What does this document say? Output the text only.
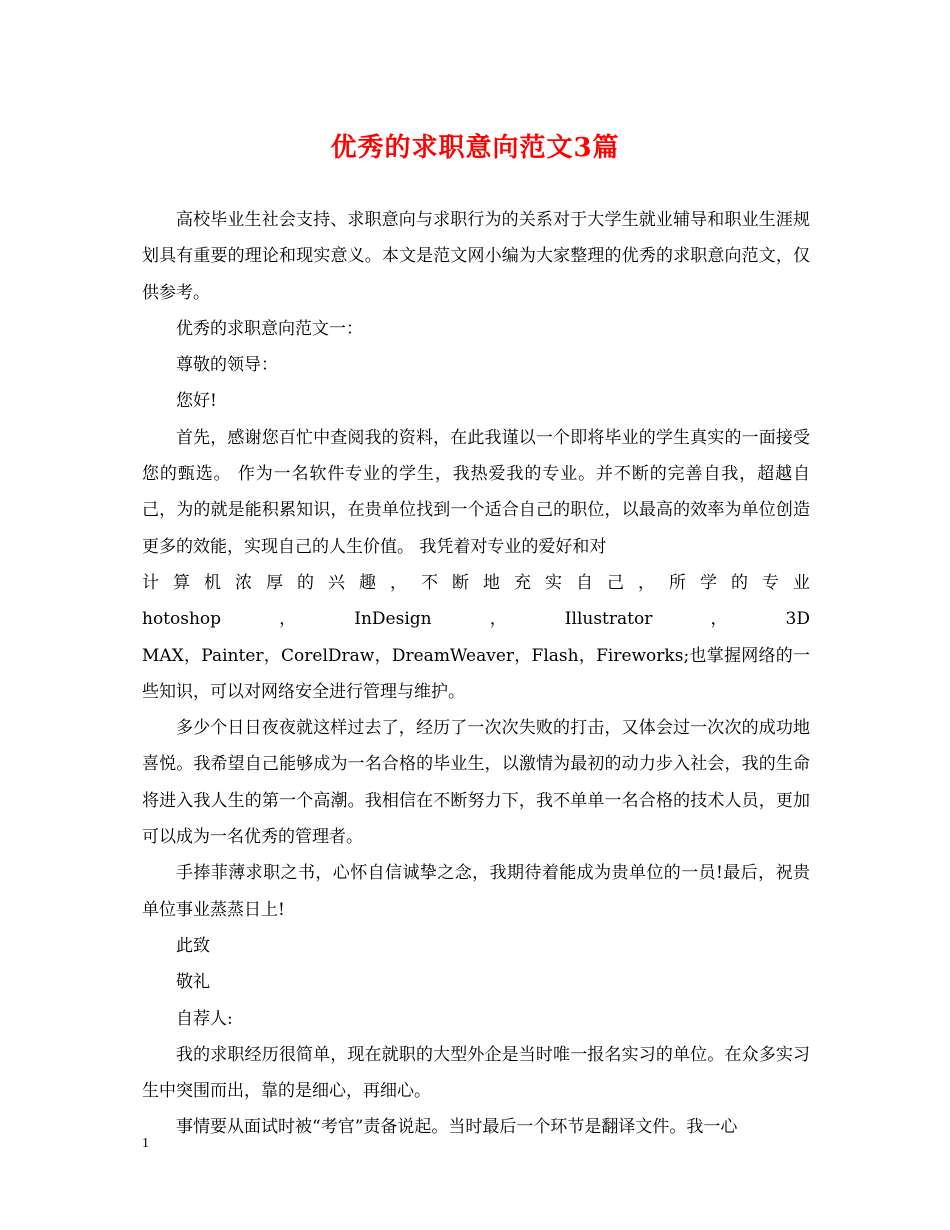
优秀的求职意向范文3篇

高校毕业生社会支持、求职意向与求职行为的关系对于大学生就业辅导和职业生涯规划具有重要的理论和现实意义。本文是范文网小编为大家整理的优秀的求职意向范文，仅供参考。

优秀的求职意向范文一：

尊敬的领导：

您好!

首先，感谢您百忙中查阅我的资料，在此我谨以一个即将毕业的学生真实的一面接受您的甄选。 作为一名软件专业的学生，我热爱我的专业。并不断的完善自我，超越自己，为的就是能积累知识，在贵单位找到一个适合自己的职位，以最高的效率为单位创造更多的效能，实现自己的人生价值。 我凭着对专业的爱好和对

计算机浓厚的兴趣，不断地充实自己，所学的专业

hotoshop，InDesign，Illustrator，3D

MAX，Painter，CorelDraw，DreamWeaver，Flash，Fireworks;也掌握网络的一些知识，可以对网络安全进行管理与维护。

多少个日日夜夜就这样过去了，经历了一次次失败的打击，又体会过一次次的成功地喜悦。我希望自己能够成为一名合格的毕业生，以激情为最初的动力步入社会，我的生命将进入我人生的第一个高潮。我相信在不断努力下，我不单单一名合格的技术人员，更加可以成为一名优秀的管理者。

手捧菲薄求职之书，心怀自信诚挚之念，我期待着能成为贵单位的一员!最后，祝贵单位事业蒸蒸日上!

此致

敬礼

自荐人:

我的求职经历很简单，现在就职的大型外企是当时唯一报名实习的单位。在众多实习生中突围而出，靠的是细心，再细心。

事情要从面试时被“考官”责备说起。当时最后一个环节是翻译文件。我一心

1
